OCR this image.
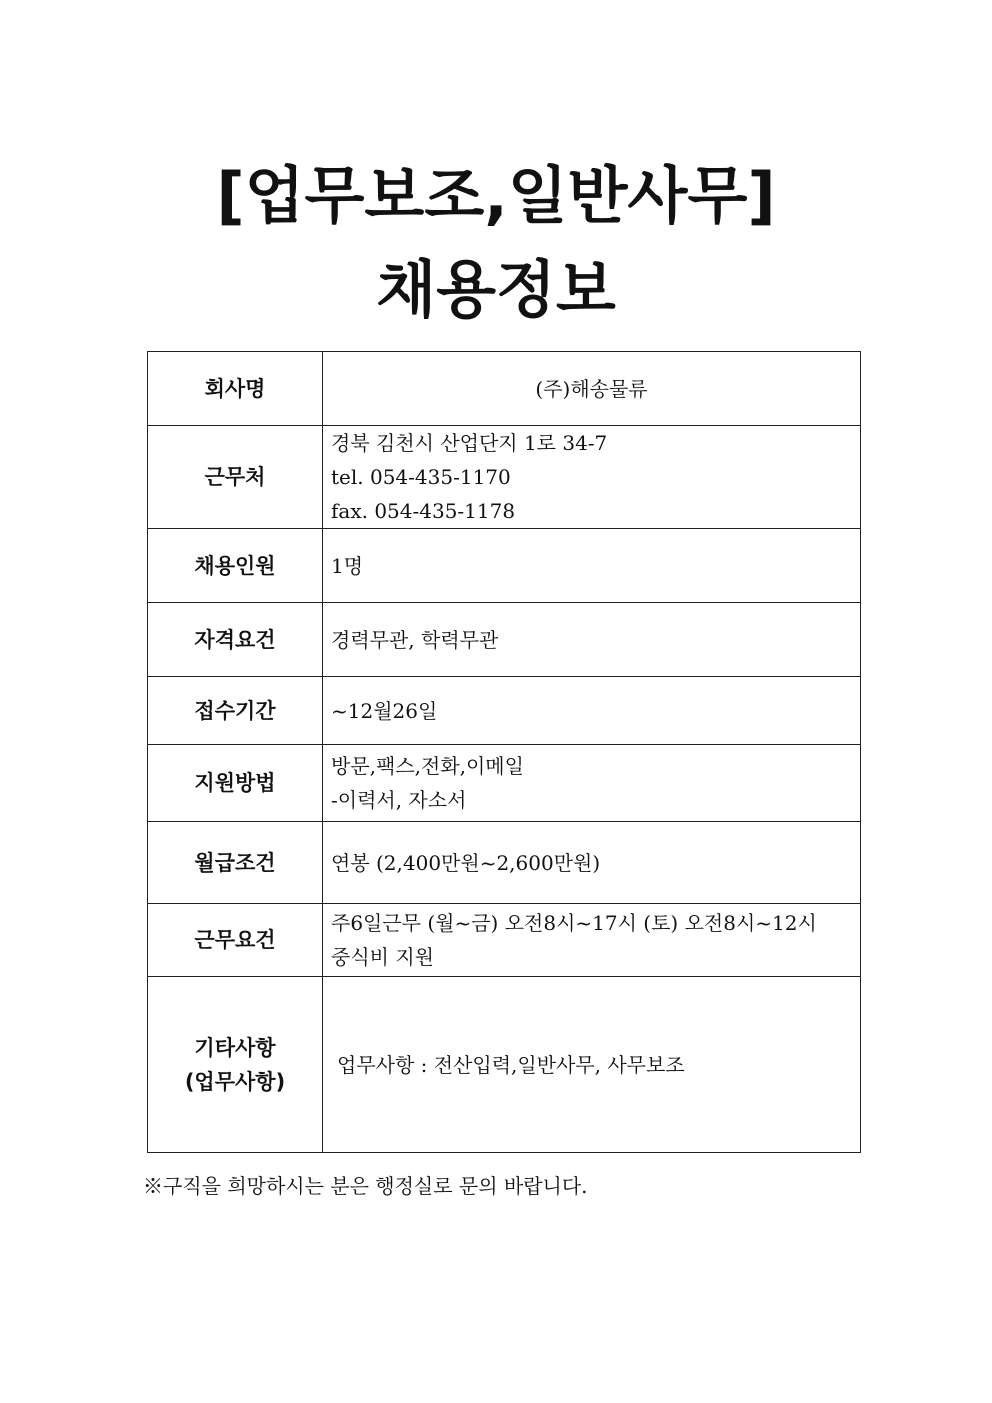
[업무보조,일반사무]
채용정보
회사명	(주)해송물류

근무처	경북 김천시 산업단지 1로 34-7
tel. 054-435-1170
fax. 054-435-1178

채용인원	1명

자격요건	경력무관, 학력무관

접수기간	~12월26일

지원방법	방문,팩스,전화,이메일
-이력서, 자소서

월급조건	연봉 (2,400만원~2,600만원)

근무요건	주6일근무 (월~금) 오전8시~17시 (토) 오전8시~12시
중식비 지원

기타사항
(업무사항)	업무사항 : 전산입력,일반사무, 사무보조
※구직을 희망하시는 분은 행정실로 문의 바랍니다.
